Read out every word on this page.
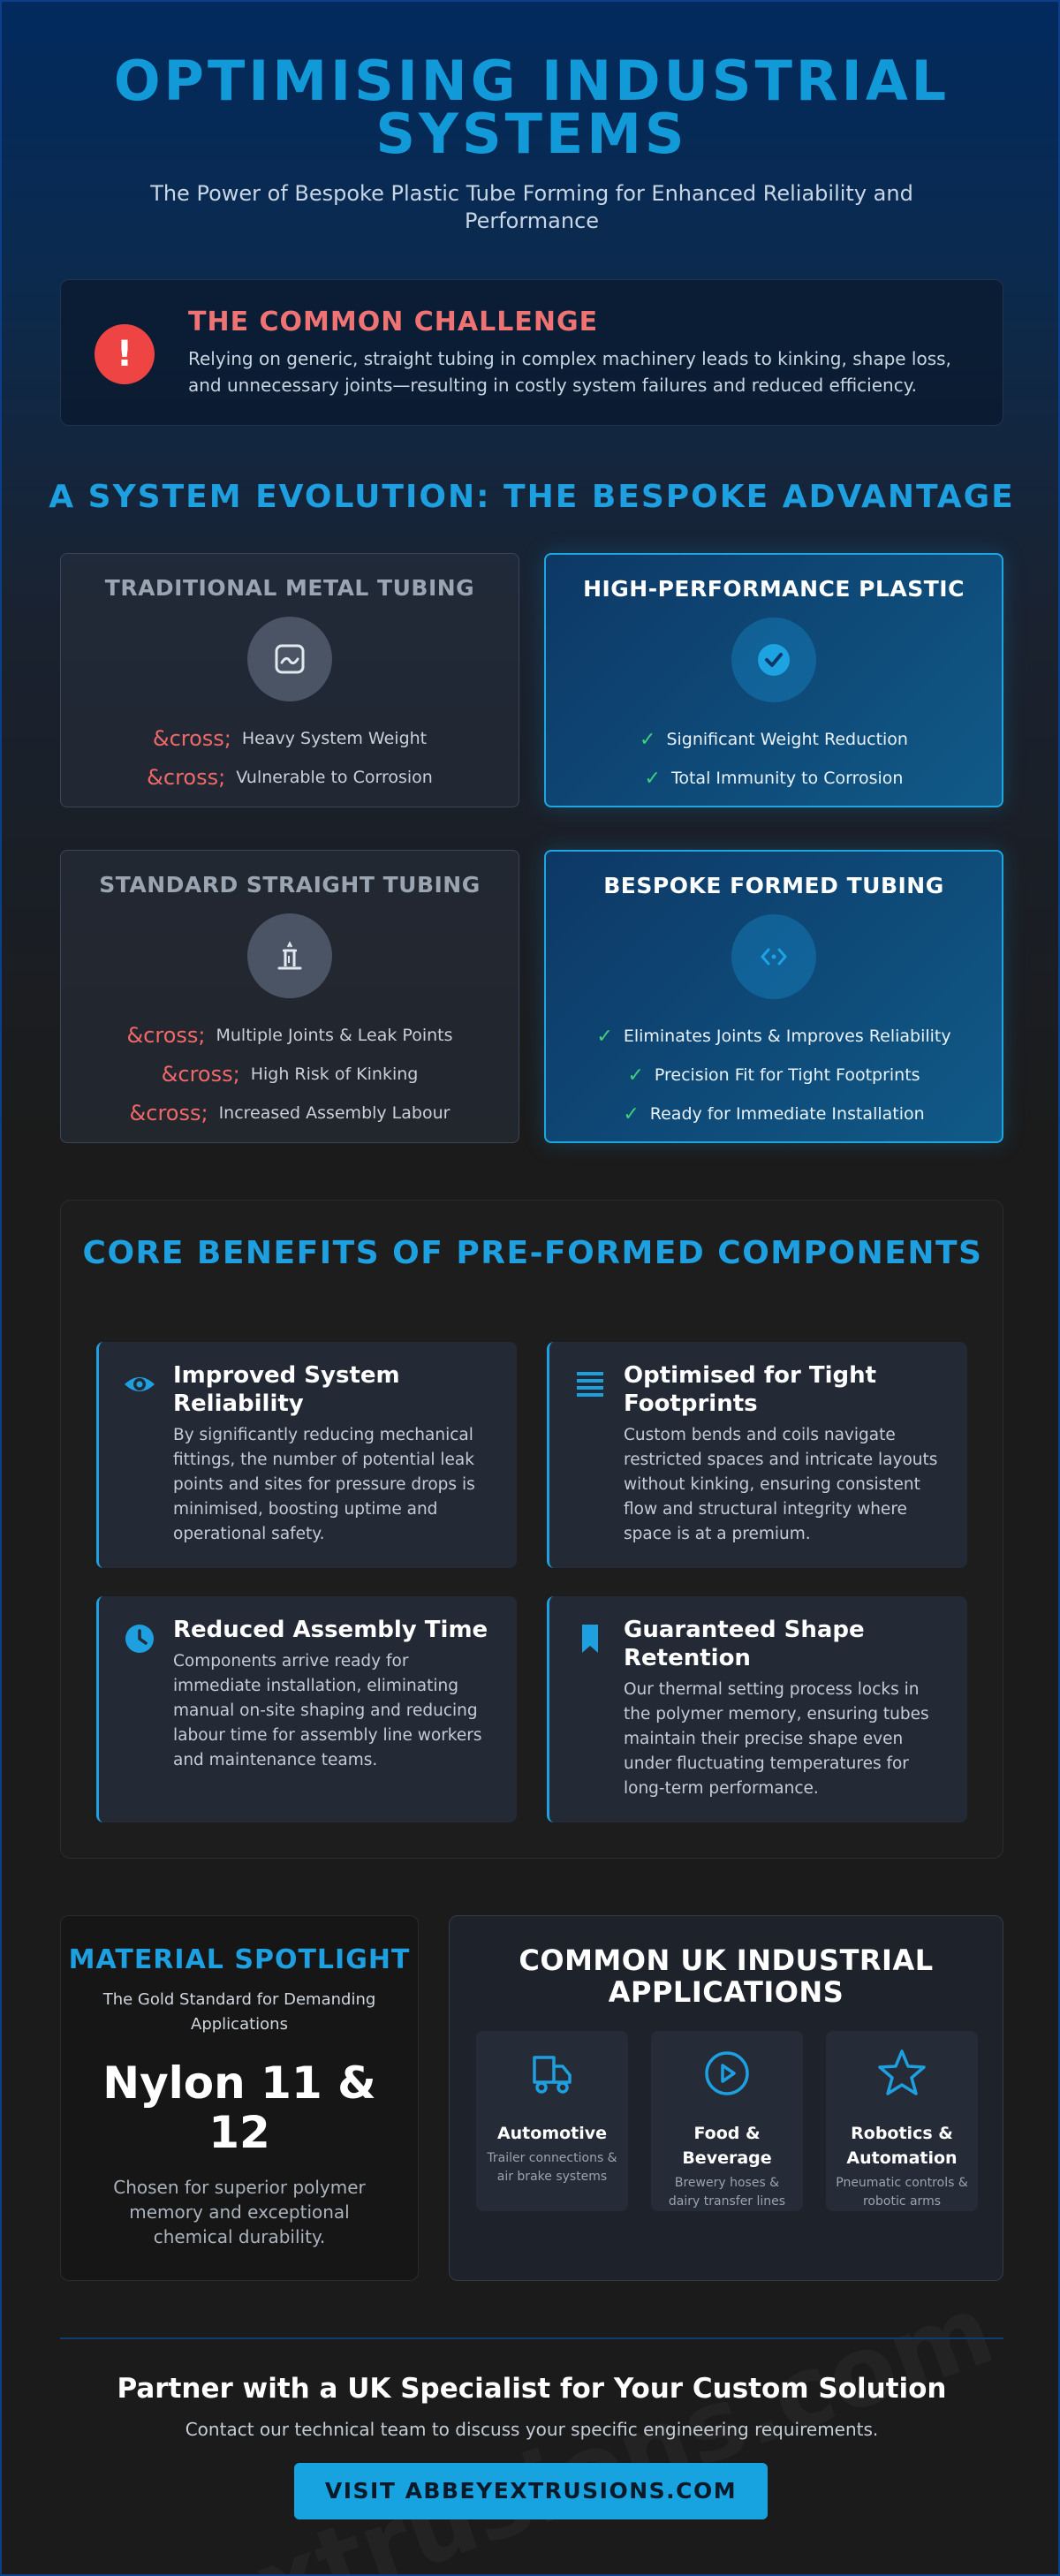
OPTIMISING INDUSTRIAL SYSTEMS

The Power of Bespoke Plastic Tube Forming for Enhanced Reliability and Performance

!
THE COMMON CHALLENGE
Relying on generic, straight tubing in complex machinery leads to kinking, shape loss, and unnecessary joints—resulting in costly system failures and reduced efficiency.
A SYSTEM EVOLUTION: THE BESPOKE ADVANTAGE
TRADITIONAL METAL TUBING
&cross; Heavy System Weight
&cross; Vulnerable to Corrosion
HIGH-PERFORMANCE PLASTIC
✓ Significant Weight Reduction
✓ Total Immunity to Corrosion
STANDARD STRAIGHT TUBING
&cross; Multiple Joints & Leak Points
&cross; High Risk of Kinking
&cross; Increased Assembly Labour
BESPOKE FORMED TUBING
✓ Eliminates Joints & Improves Reliability
✓ Precision Fit for Tight Footprints
✓ Ready for Immediate Installation
CORE BENEFITS OF PRE-FORMED COMPONENTS
Improved System Reliability
By significantly reducing mechanical fittings, the number of potential leak points and sites for pressure drops is minimised, boosting uptime and operational safety.
Optimised for Tight Footprints
Custom bends and coils navigate restricted spaces and intricate layouts without kinking, ensuring consistent flow and structural integrity where space is at a premium.
Reduced Assembly Time
Components arrive ready for immediate installation, eliminating manual on-site shaping and reducing labour time for assembly line workers and maintenance teams.
Guaranteed Shape Retention
Our thermal setting process locks in the polymer memory, ensuring tubes maintain their precise shape even under fluctuating temperatures for long-term performance.
MATERIAL SPOTLIGHT
The Gold Standard for Demanding Applications
Nylon 11 & 12
Chosen for superior polymer memory and exceptional chemical durability.
COMMON UK INDUSTRIAL APPLICATIONS
Automotive
Trailer connections & air brake systems
Food & Beverage
Brewery hoses & dairy transfer lines
Robotics & Automation
Pneumatic controls & robotic arms
Partner with a UK Specialist for Your Custom Solution
Contact our technical team to discuss your specific engineering requirements.
VISIT ABBEYEXTRUSIONS.COM
